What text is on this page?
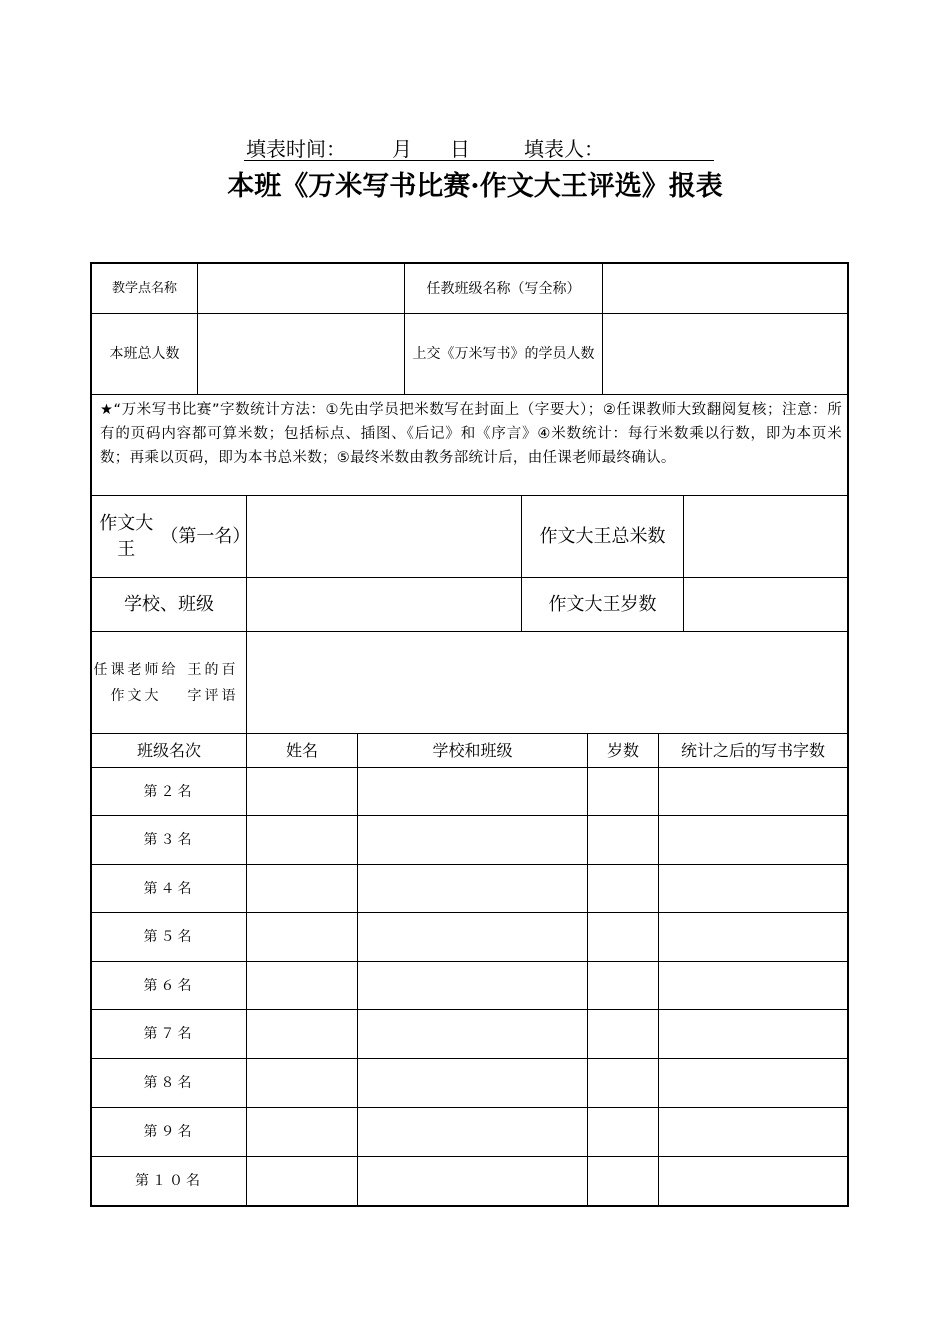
填表时间： 月 日	填表人：
本班《万米写书比赛·作文大王评选》报表
教学点名称	任教班级名称 （写全称）
本班 总人数	上交《万米写书》的学员 人数
★“万米写书比赛”字数统计方法：①先由学员把米数写在封面上（字要大）；②任课教师大致翻阅复核；注意：所有的页码内容都可算米数；包括标点、插图、《后记》和《序言》④米数统计：每行米数乘以行数，即为本页米数；再乘以页码，即为本书总米数；⑤最终米数由教务部统计后，由任课老师最终确认。
作文大王
（第一名）	作文大王 总米数
学校、班级	作文大王岁数
任课老师给作文大
王的百字评语
班级名次	姓名	学校和班级	岁数	统计之后的写书字数
第２名
第３名
第４名
第５名
第６名
第７名
第８名
第９名
第１０名
